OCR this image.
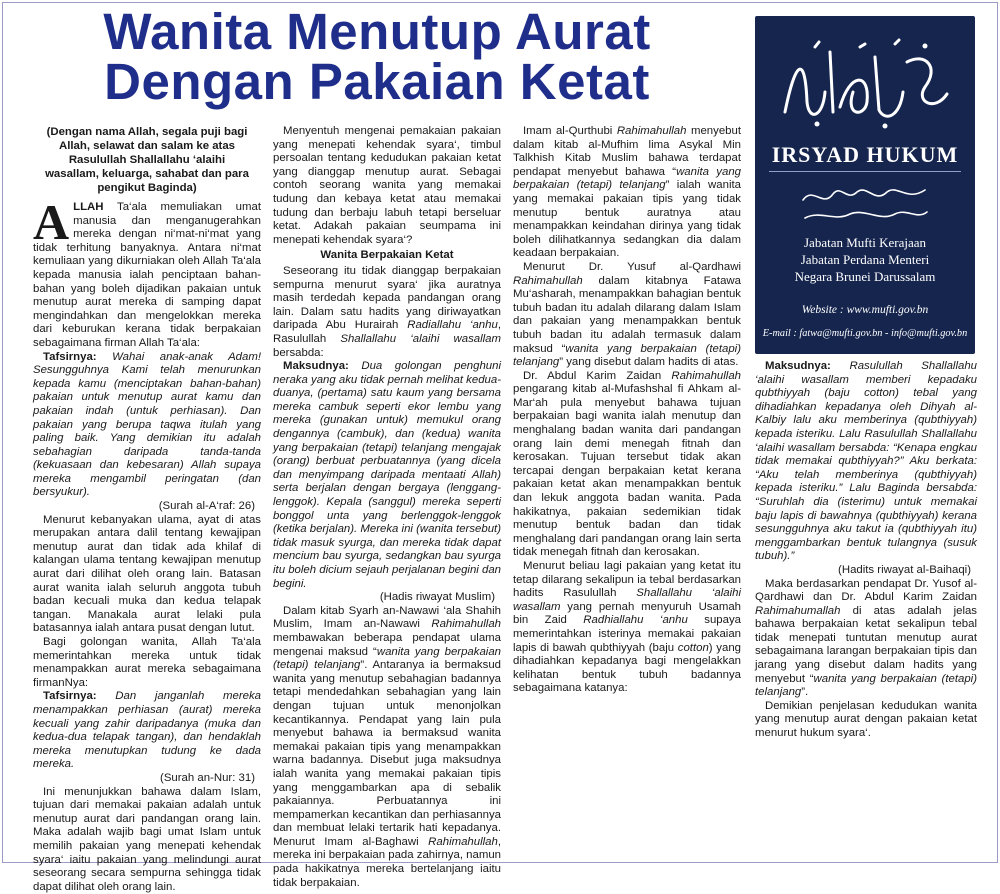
Wanita Menutup Aurat
Dengan Pakaian Ketat
IRSYAD HUKUM
Jabatan Mufti Kerajaan
Jabatan Perdana Menteri
Negara Brunei Darussalam
Website : www.mufti.gov.bn
E-mail : fatwa@mufti.gov.bn - info@mufti.gov.bn

(Dengan nama Allah, segala puji bagi Allah, selawat dan salam ke atas Rasulullah Shallallahu ‘alaihi wasallam, keluarga, sahabat dan para pengikut Baginda)

ALLAH Ta‘ala memuliakan umat manusia dan menganugerahkan mereka dengan ni‘mat-ni‘mat yang tidak terhitung banyaknya. Antara ni‘mat kemuliaan yang dikurniakan oleh Allah Ta‘ala kepada manusia ialah penciptaan bahan-bahan yang boleh dijadikan pakaian untuk menutup aurat mereka di samping dapat mengindahkan dan mengelokkan mereka dari keburukan kerana tidak berpakaian sebagaimana firman Allah Ta‘ala:

Tafsirnya: Wahai anak-anak Adam! Sesungguhnya Kami telah menurunkan kepada kamu (menciptakan bahan-bahan) pakaian untuk menutup aurat kamu dan pakaian indah (untuk perhiasan). Dan pakaian yang berupa taqwa itulah yang paling baik. Yang demikian itu adalah sebahagian daripada tanda-tanda (kekuasaan dan kebesaran) Allah supaya mereka mengambil peringatan (dan bersyukur).

(Surah al-A‘raf: 26)

Menurut kebanyakan ulama, ayat di atas merupakan antara dalil tentang kewajipan menutup aurat dan tidak ada khilaf di kalangan ulama tentang kewajipan menutup aurat dari dilihat oleh orang lain. Batasan aurat wanita ialah seluruh anggota tubuh badan kecuali muka dan kedua telapak tangan. Manakala aurat lelaki pula batasannya ialah antara pusat dengan lutut.

Bagi golongan wanita, Allah Ta‘ala memerintahkan mereka untuk tidak menampakkan aurat mereka sebagaimana firmanNya:

Tafsirnya: Dan janganlah mereka menampakkan perhiasan (aurat) mereka kecuali yang zahir daripadanya (muka dan kedua-dua telapak tangan), dan hendaklah mereka menutupkan tudung ke dada mereka.

(Surah an-Nur: 31)

Ini menunjukkan bahawa dalam Islam, tujuan dari memakai pakaian adalah untuk menutup aurat dari pandangan orang lain. Maka adalah wajib bagi umat Islam untuk memilih pakaian yang menepati kehendak syara‘ iaitu pakaian yang melindungi aurat seseorang secara sempurna sehingga tidak dapat dilihat oleh orang lain.

Menyentuh mengenai pemakaian pakaian yang menepati kehendak syara‘, timbul persoalan tentang kedudukan pakaian ketat yang dianggap menutup aurat. Sebagai contoh seorang wanita yang memakai tudung dan kebaya ketat atau memakai tudung dan berbaju labuh tetapi berseluar ketat. Adakah pakaian seumpama ini menepati kehendak syara‘?

Wanita Berpakaian Ketat

Seseorang itu tidak dianggap berpakaian sempurna menurut syara‘ jika auratnya masih terdedah kepada pandangan orang lain. Dalam satu hadits yang diriwayatkan daripada Abu Hurairah Radiallahu ‘anhu, Rasulullah Shallallahu ‘alaihi wasallam bersabda:

Maksudnya: Dua golongan penghuni neraka yang aku tidak pernah melihat kedua-duanya, (pertama) satu kaum yang bersama mereka cambuk seperti ekor lembu yang mereka (gunakan untuk) memukul orang dengannya (cambuk), dan (kedua) wanita yang berpakaian (tetapi) telanjang mengajak (orang) berbuat perbuatannya (yang dicela dan menyimpang daripada mentaati Allah) serta berjalan dengan bergaya (lenggang-lenggok). Kepala (sanggul) mereka seperti bonggol unta yang berlenggok-lenggok (ketika berjalan). Mereka ini (wanita tersebut) tidak masuk syurga, dan mereka tidak dapat mencium bau syurga, sedangkan bau syurga itu boleh dicium sejauh perjalanan begini dan begini.

(Hadis riwayat Muslim)

Dalam kitab Syarh an-Nawawi ‘ala Shahih Muslim, Imam an-Nawawi Rahimahullah membawakan beberapa pendapat ulama mengenai maksud “wanita yang berpakaian (tetapi) telanjang”. Antaranya ia bermaksud wanita yang menutup sebahagian badannya tetapi mendedahkan sebahagian yang lain dengan tujuan untuk menonjolkan kecantikannya. Pendapat yang lain pula menyebut bahawa ia bermaksud wanita memakai pakaian tipis yang menampakkan warna badannya. Disebut juga maksudnya ialah wanita yang memakai pakaian tipis yang menggambarkan apa di sebalik pakaiannya. Perbuatannya ini mempamerkan kecantikan dan perhiasannya dan membuat lelaki tertarik hati kepadanya. Menurut Imam al-Baghawi Rahimahullah, mereka ini berpakaian pada zahirnya, namun pada hakikatnya mereka bertelanjang iaitu tidak berpakaian.

Imam al-Qurthubi Rahimahullah menyebut dalam kitab al-Mufhim lima Asykal Min Talkhish Kitab Muslim bahawa terdapat pendapat menyebut bahawa “wanita yang berpakaian (tetapi) telanjang” ialah wanita yang memakai pakaian tipis yang tidak menutup bentuk auratnya atau menampakkan keindahan dirinya yang tidak boleh dilihatkannya sedangkan dia dalam keadaan berpakaian.

Menurut Dr. Yusuf al-Qardhawi Rahimahullah dalam kitabnya Fatawa Mu‘asharah, menampakkan bahagian bentuk tubuh badan itu adalah dilarang dalam Islam dan pakaian yang menampakkan bentuk tubuh badan itu adalah termasuk dalam maksud “wanita yang berpakaian (tetapi) telanjang” yang disebut dalam hadits di atas.

Dr. Abdul Karim Zaidan Rahimahullah pengarang kitab al-Mufashshal fi Ahkam al-Mar‘ah pula menyebut bahawa tujuan berpakaian bagi wanita ialah menutup dan menghalang badan wanita dari pandangan orang lain demi menegah fitnah dan kerosakan. Tujuan tersebut tidak akan tercapai dengan berpakaian ketat kerana pakaian ketat akan menampakkan bentuk dan lekuk anggota badan wanita. Pada hakikatnya, pakaian sedemikian tidak menutup bentuk badan dan tidak menghalang dari pandangan orang lain serta tidak menegah fitnah dan kerosakan.

Menurut beliau lagi pakaian yang ketat itu tetap dilarang sekalipun ia tebal berdasarkan hadits Rasulullah Shallallahu ‘alaihi wasallam yang pernah menyuruh Usamah bin Zaid Radhiallahu ‘anhu supaya memerintahkan isterinya memakai pakaian lapis di bawah qubthiyyah (baju cotton) yang dihadiahkan kepadanya bagi mengelakkan kelihatan bentuk tubuh badannya sebagaimana katanya:

Maksudnya: Rasulullah Shallallahu ‘alaihi wasallam memberi kepadaku qubthiyyah (baju cotton) tebal yang dihadiahkan kepadanya oleh Dihyah al-Kalbiy lalu aku memberinya (qubthiyyah) kepada isteriku. Lalu Rasulullah Shallallahu ‘alaihi wasallam bersabda: “Kenapa engkau tidak memakai qubthiyyah?” Aku berkata: “Aku telah memberinya (qubthiyyah) kepada isteriku.” Lalu Baginda bersabda: “Suruhlah dia (isterimu) untuk memakai baju lapis di bawahnya (qubthiyyah) kerana sesungguhnya aku takut ia (qubthiyyah itu) menggambarkan bentuk tulangnya (susuk tubuh).”

(Hadits riwayat al-Baihaqi)

Maka berdasarkan pendapat Dr. Yusof al-Qardhawi dan Dr. Abdul Karim Zaidan Rahimahumallah di atas adalah jelas bahawa berpakaian ketat sekalipun tebal tidak menepati tuntutan menutup aurat sebagaimana larangan berpakaian tipis dan jarang yang disebut dalam hadits yang menyebut “wanita yang berpakaian (tetapi) telanjang”.

Demikian penjelasan kedudukan wanita yang menutup aurat dengan pakaian ketat menurut hukum syara‘.
